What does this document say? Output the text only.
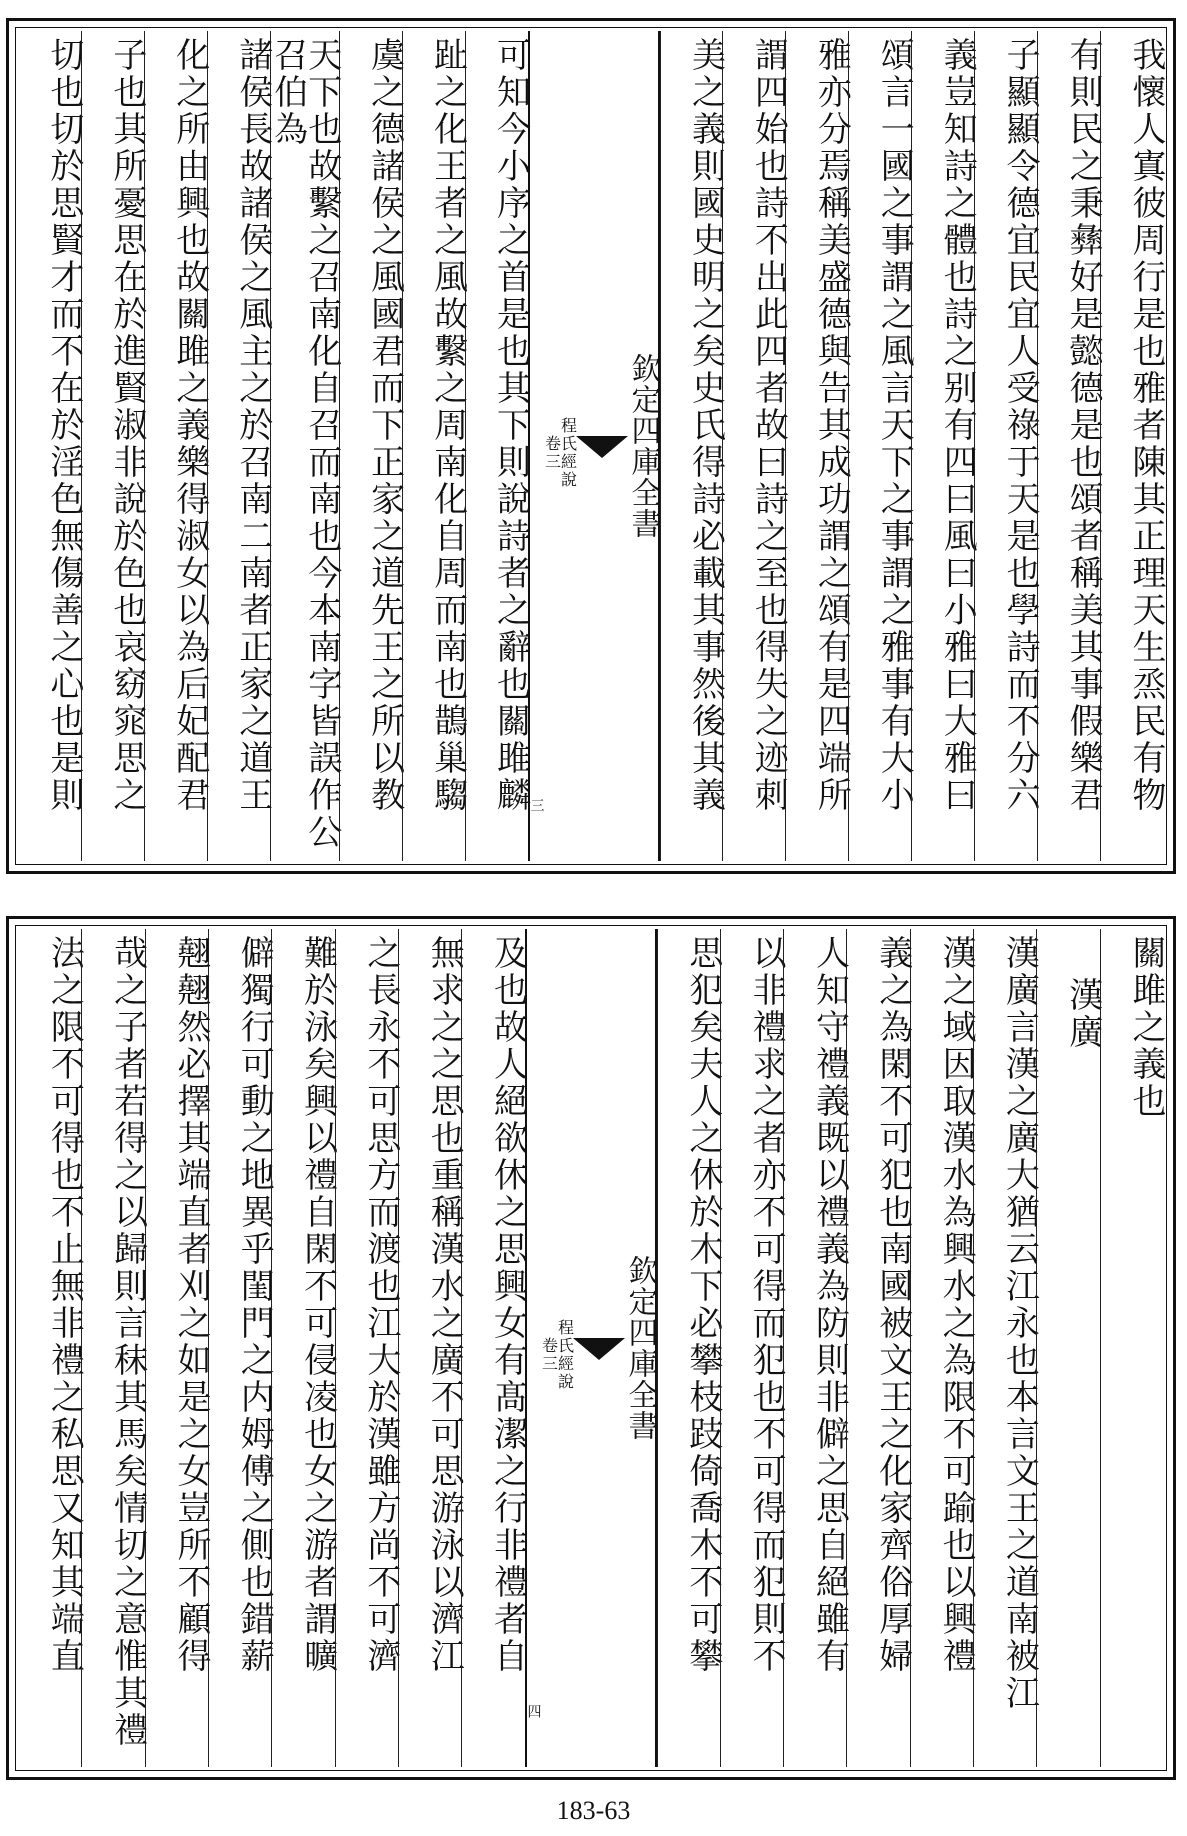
我懷人寘彼周行是也雅者陳其正理天生烝民有物
有則民之秉彝好是懿德是也頌者稱美其事假樂君
子顯顯令德宜民宜人受祿于天是也學詩而不分六
義豈知詩之體也詩之别有四曰風曰小雅曰大雅曰
頌言一國之事謂之風言天下之事謂之雅事有大小
雅亦分焉稱美盛德與告其成功謂之頌有是四端所
謂四始也詩不出此四者故曰詩之至也得失之迹刺
美之義則國史明之矣史氏得詩必載其事然後其義
欽定四庫全書
程氏經說
卷三
三
可知今小序之首是也其下則說詩者之辭也關雎麟
趾之化王者之風故繫之周南化自周而南也鵲巢騶
虞之德諸侯之風國君而下正家之道先王之所以教
天下也故繫之召南化自召而南也今本南字皆誤作公召伯為
諸侯長故諸侯之風主之於召南二南者正家之道王
化之所由興也故關雎之義樂得淑女以為后妃配君
子也其所憂思在於進賢淑非說於色也哀窈窕思之
切也切於思賢才而不在於淫色無傷善之心也是則
關雎之義也
漢廣
漢廣言漢之廣大猶云江永也本言文王之道南被江
漢之域因取漢水為興水之為限不可踰也以興禮
義之為閑不可犯也南國被文王之化家齊俗厚婦
人知守禮義既以禮義為防則非僻之思自絕雖有
以非禮求之者亦不可得而犯也不可得而犯則不
思犯矣夫人之休於木下必攀枝跂倚喬木不可攀
欽定四庫全書
程氏經說
卷三
四
及也故人絕欲休之思興女有髙潔之行非禮者自
無求之之思也重稱漢水之廣不可思游泳以濟江
之長永不可思方而渡也江大於漢雖方尚不可濟
難於泳矣興以禮自閑不可侵凌也女之游者謂曠
僻獨行可動之地異乎閨門之内姆傅之側也錯薪
翹翹然必擇其端直者刈之如是之女豈所不顧得
哉之子者若得之以歸則言秣其馬矣情切之意惟其禮
法之限不可得也不止無非禮之私思又知其端直
183-63
